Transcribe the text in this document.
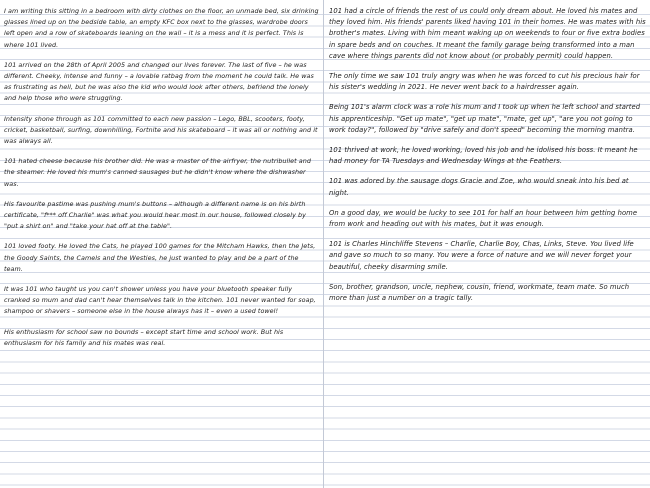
I am writing this sitting in a bedroom with dirty clothes on the floor, an unmade bed, six drinking glasses lined up on the bedside table, an empty KFC box next to the glasses, wardrobe doors left open and a row of skateboards leaning on the wall – it is a mess and it is perfect. This is where 101 lived.

101 arrived on the 28th of April 2005 and changed our lives forever. The last of five – he was different. Cheeky, intense and funny – a lovable ratbag from the moment he could talk. He was as frustrating as hell, but he was also the kid who would look after others, befriend the lonely and help those who were struggling.

Intensity shone through as 101 committed to each new passion – Lego, BBL, scooters, footy, cricket, basketball, surfing, downhilling, Fortnite and his skateboard – it was all or nothing and it was always all.

101 hated cheese because his brother did. He was a master of the airfryer, the nutribullet and the steamer. He loved his mum's canned sausages but he didn't know where the dishwasher was.

His favourite pastime was pushing mum's buttons – although a different name is on his birth certificate, "f*** off Charlie" was what you would hear most in our house, followed closely by "put a shirt on" and "take your hat off at the table".

101 loved footy. He loved the Cats, he played 100 games for the Mitcham Hawks, then the Jets, the Goody Saints, the Camels and the Westies, he just wanted to play and be a part of the team.

It was 101 who taught us you can't shower unless you have your bluetooth speaker fully cranked so mum and dad can't hear themselves talk in the kitchen. 101 never wanted for soap, shampoo or shavers – someone else in the house always has it – even a used towel!

His enthusiasm for school saw no bounds – except start time and school work. But his enthusiasm for his family and his mates was real.

101 had a circle of friends the rest of us could only dream about. He loved his mates and they loved him. His friends' parents liked having 101 in their homes. He was mates with his brother's mates. Living with him meant waking up on weekends to four or five extra bodies in spare beds and on couches. It meant the family garage being transformed into a man cave where things parents did not know about (or probably permit) could happen.

The only time we saw 101 truly angry was when he was forced to cut his precious hair for his sister's wedding in 2021. He never went back to a hairdresser again.

Being 101's alarm clock was a role his mum and I took up when he left school and started his apprenticeship. "Get up mate", "get up mate", "mate, get up", "are you not going to work today?", followed by "drive safely and don't speed" becoming the morning mantra.

101 thrived at work, he loved working, loved his job and he idolised his boss. It meant he had money for TA Tuesdays and Wednesday Wings at the Feathers.

101 was adored by the sausage dogs Gracie and Zoe, who would sneak into his bed at night.

On a good day, we would be lucky to see 101 for half an hour between him getting home from work and heading out with his mates, but it was enough.

101 is Charles Hinchliffe Stevens – Charlie, Charlie Boy, Chas, Links, Steve. You lived life and gave so much to so many. You were a force of nature and we will never forget your beautiful, cheeky disarming smile.

Son, brother, grandson, uncle, nephew, cousin, friend, workmate, team mate. So much more than just a number on a tragic tally.
